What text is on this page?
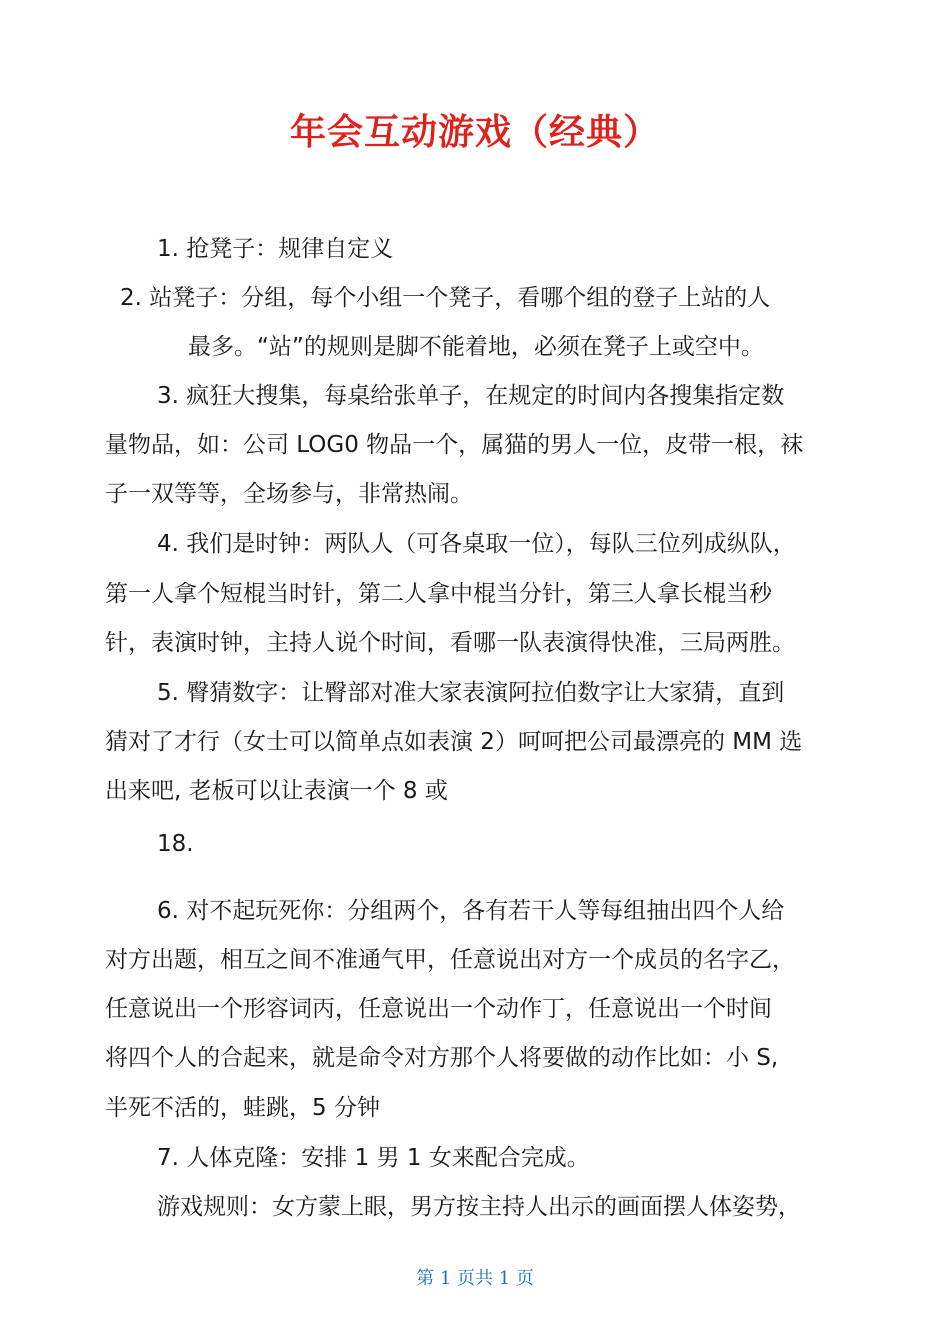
年会互动游戏（经典）
1. 抢凳子：规律自定义
2. 站凳子：分组，每个小组一个凳子，看哪个组的登子上站的人
最多。“站”的规则是脚不能着地，必须在凳子上或空中。
3. 疯狂大搜集，每桌给张单子，在规定的时间内各搜集指定数
量物品，如：公司 LOG0 物品一个，属猫的男人一位，皮带一根，袜
子一双等等，全场参与，非常热闹。
4. 我们是时钟：两队人（可各桌取一位），每队三位列成纵队，
第一人拿个短棍当时针，第二人拿中棍当分针，第三人拿长棍当秒
针，表演时钟，主持人说个时间，看哪一队表演得快准，三局两胜。
5. 臀猜数字：让臀部对准大家表演阿拉伯数字让大家猜，直到
猜对了才行（女士可以简单点如表演 2）呵呵把公司最漂亮的 MM 选
出来吧, 老板可以让表演一个 8 或
18.
6. 对不起玩死你：分组两个，各有若干人等每组抽出四个人给
对方出题，相互之间不准通气甲，任意说出对方一个成员的名字乙，
任意说出一个形容词丙，任意说出一个动作丁，任意说出一个时间
将四个人的合起来，就是命令对方那个人将要做的动作比如：小 S,
半死不活的，蛙跳，5 分钟
7. 人体克隆：安排 1 男 1 女来配合完成。
游戏规则：女方蒙上眼，男方按主持人出示的画面摆人体姿势，
第 1 页共 1 页
